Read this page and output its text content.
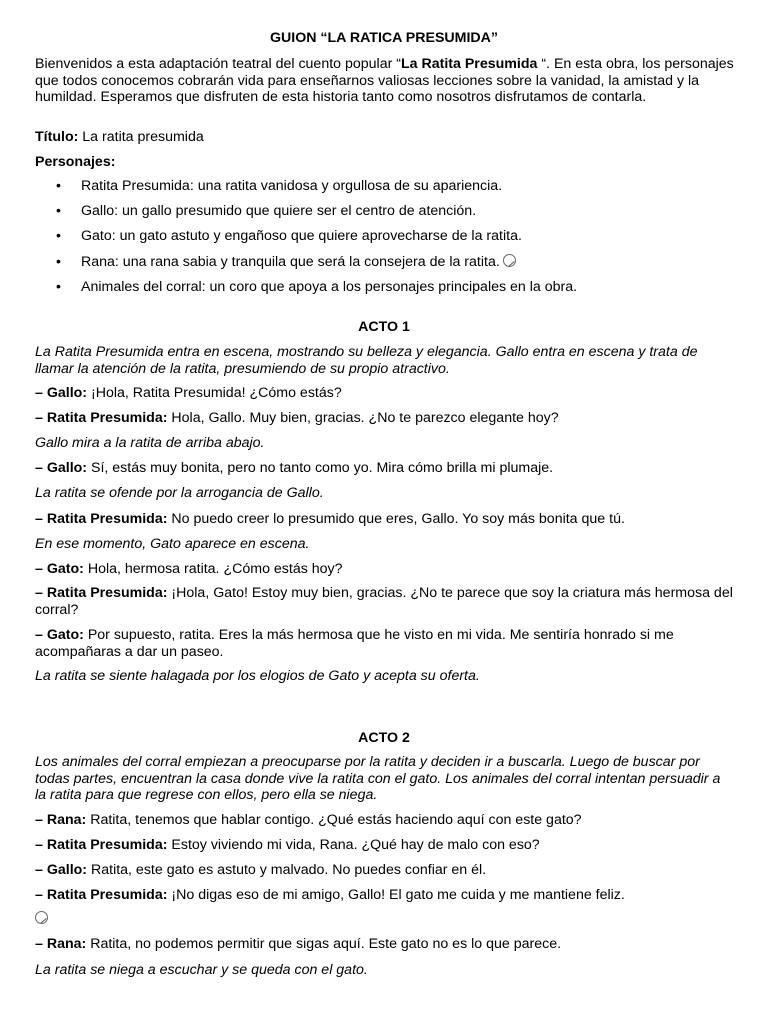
GUION “LA RATICA PRESUMIDA”

Bienvenidos a esta adaptación teatral del cuento popular “La Ratita Presumida “. En esta obra, los personajes que todos conocemos cobrarán vida para enseñarnos valiosas lecciones sobre la vanidad, la amistad y la humildad. Esperamos que disfruten de esta historia tanto como nosotros disfrutamos de contarla.

Título: La ratita presumida

Personajes:

• Ratita Presumida: una ratita vanidosa y orgullosa de su apariencia.
• Gallo: un gallo presumido que quiere ser el centro de atención.
• Gato: un gato astuto y engañoso que quiere aprovecharse de la ratita.
• Rana: una rana sabia y tranquila que será la consejera de la ratita.
• Animales del corral: un coro que apoya a los personajes principales en la obra.
ACTO 1

La Ratita Presumida entra en escena, mostrando su belleza y elegancia. Gallo entra en escena y trata de llamar la atención de la ratita, presumiendo de su propio atractivo.

– Gallo: ¡Hola, Ratita Presumida! ¿Cómo estás?

– Ratita Presumida: Hola, Gallo. Muy bien, gracias. ¿No te parezco elegante hoy?

Gallo mira a la ratita de arriba abajo.

– Gallo: Sí, estás muy bonita, pero no tanto como yo. Mira cómo brilla mi plumaje.

La ratita se ofende por la arrogancia de Gallo.

– Ratita Presumida: No puedo creer lo presumido que eres, Gallo. Yo soy más bonita que tú.

En ese momento, Gato aparece en escena.

– Gato: Hola, hermosa ratita. ¿Cómo estás hoy?

– Ratita Presumida: ¡Hola, Gato! Estoy muy bien, gracias. ¿No te parece que soy la criatura más hermosa del corral?

– Gato: Por supuesto, ratita. Eres la más hermosa que he visto en mi vida. Me sentiría honrado si me acompañaras a dar un paseo.

La ratita se siente halagada por los elogios de Gato y acepta su oferta.

ACTO 2

Los animales del corral empiezan a preocuparse por la ratita y deciden ir a buscarla. Luego de buscar por todas partes, encuentran la casa donde vive la ratita con el gato. Los animales del corral intentan persuadir a la ratita para que regrese con ellos, pero ella se niega.

– Rana: Ratita, tenemos que hablar contigo. ¿Qué estás haciendo aquí con este gato?

– Ratita Presumida: Estoy viviendo mi vida, Rana. ¿Qué hay de malo con eso?

– Gallo: Ratita, este gato es astuto y malvado. No puedes confiar en él.

– Ratita Presumida: ¡No digas eso de mi amigo, Gallo! El gato me cuida y me mantiene feliz.

– Rana: Ratita, no podemos permitir que sigas aquí. Este gato no es lo que parece.

La ratita se niega a escuchar y se queda con el gato.
